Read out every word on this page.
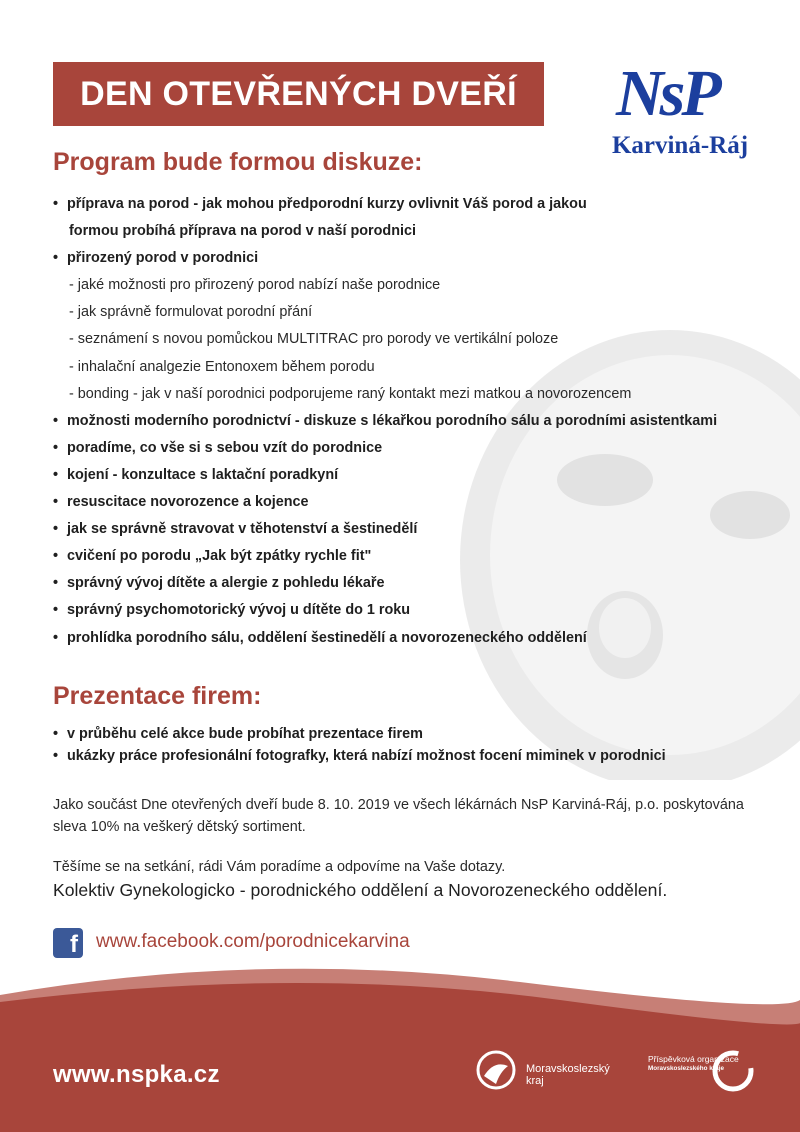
DEN OTEVŘENÝCH DVEŘÍ	NsP
Karviná-Ráj
Program bude formou diskuze:
• příprava na porod - jak mohou předporodní kurzy ovlivnit Váš porod a jakou
formou probíhá příprava na porod v naší porodnici
• přirozený porod v porodnici
- jaké možnosti pro přirozený porod nabízí naše porodnice
- jak správně formulovat porodní přání
- seznámení s novou pomůckou MULTITRAC pro porody ve vertikální poloze
- inhalační analgezie Entonoxem během porodu
- bonding - jak v naší porodnici podporujeme raný kontakt mezi matkou a novorozencem
• možnosti moderního porodnictví - diskuze s lékařkou porodního sálu a porodními asistentkami
• poradíme, co vše si s sebou vzít do porodnice
• kojení - konzultace s laktační poradkyní
• resuscitace novorozence a kojence
• jak se správně stravovat v těhotenství a šestinedělí
• cvičení po porodu „Jak být zpátky rychle fit"
• správný vývoj dítěte a alergie z pohledu lékaře
• správný psychomotorický vývoj u dítěte do 1 roku
• prohlídka porodního sálu, oddělení šestinedělí a novorozeneckého oddělení
Prezentace firem:
• v průběhu celé akce bude probíhat prezentace firem
• ukázky práce profesionální fotografky, která nabízí možnost focení miminek v porodnici
Jako součást Dne otevřených dveří bude 8. 10. 2019 ve všech lékárnách NsP Karviná-Ráj, p.o. poskytována sleva 10% na veškerý dětský sortiment.
Těšíme se na setkání, rádi Vám poradíme a odpovíme na Vaše dotazy.
Kolektiv Gynekologicko - porodnického oddělení a Novorozeneckého oddělení.
f www.facebook.com/porodnicekarvina
www.nspka.cz	Moravskoslezský
kraj
Příspěvková organizace
Moravskoslezského kraje
